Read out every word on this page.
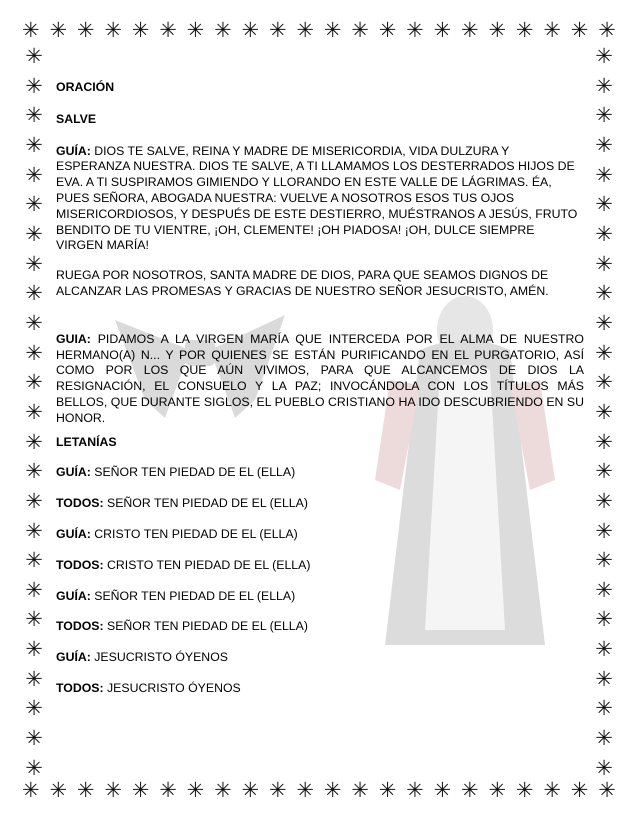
✳ ✳ ✳ ✳ ✳ ✳ ✳ ✳ ✳ ✳ ✳ ✳ ✳ ✳ ✳ ✳ ✳ ✳ ✳ ✳ ✳ ✳
✳ ✳ ✳ ✳ ✳ ✳ ✳ ✳ ✳ ✳ ✳ ✳ ✳ ✳ ✳ ✳ ✳ ✳ ✳ ✳ ✳ ✳
✳
✳
✳
✳
✳
✳
✳
✳
✳
✳
✳
✳
✳
✳
✳
✳
✳
✳
✳
✳
✳
✳
✳
✳
✳
✳
✳
✳
✳
✳
✳
✳
✳
✳
✳
✳
✳
✳
✳
✳
✳
✳
✳
✳
✳
✳
✳
✳
✳
✳

ORACIÓN

SALVE

GUÍA: DIOS TE SALVE, REINA Y MADRE DE MISERICORDIA, VIDA DULZURA Y ESPERANZA NUESTRA. DIOS TE SALVE, A TI LLAMAMOS LOS DESTERRADOS HIJOS DE EVA. A TI SUSPIRAMOS GIMIENDO Y LLORANDO EN ESTE VALLE DE LÁGRIMAS. ÉA, PUES SEÑORA, ABOGADA NUESTRA: VUELVE A NOSOTROS ESOS TUS OJOS MISERICORDIOSOS, Y DESPUÉS DE ESTE DESTIERRO, MUÉSTRANOS A JESÚS, FRUTO BENDITO DE TU VIENTRE, ¡OH, CLEMENTE! ¡OH PIADOSA! ¡OH, DULCE SIEMPRE VIRGEN MARÍA!

RUEGA POR NOSOTROS, SANTA MADRE DE DIOS, PARA QUE SEAMOS DIGNOS DE ALCANZAR LAS PROMESAS Y GRACIAS DE NUESTRO SEÑOR JESUCRISTO, AMÉN.

GUIA: PIDAMOS A LA VIRGEN MARÍA QUE INTERCEDA POR EL ALMA DE NUESTRO HERMANO(A) N... Y POR QUIENES SE ESTÁN PURIFICANDO EN EL PURGATORIO, ASÍ COMO POR LOS QUE AÚN VIVIMOS, PARA QUE ALCANCEMOS DE DIOS LA RESIGNACIÓN, EL CONSUELO Y LA PAZ; INVOCÁNDOLA CON LOS TÍTULOS MÁS BELLOS, QUE DURANTE SIGLOS, EL PUEBLO CRISTIANO HA IDO DESCUBRIENDO EN SU HONOR.

LETANÍAS

GUÍA: SEÑOR TEN PIEDAD DE EL (ELLA)

TODOS: SEÑOR TEN PIEDAD DE EL (ELLA)

GUÍA: CRISTO TEN PIEDAD DE EL (ELLA)

TODOS: CRISTO TEN PIEDAD DE EL (ELLA)

GUÍA: SEÑOR TEN PIEDAD DE EL (ELLA)

TODOS: SEÑOR TEN PIEDAD DE EL (ELLA)

GUÍA: JESUCRISTO ÓYENOS

TODOS: JESUCRISTO ÓYENOS
